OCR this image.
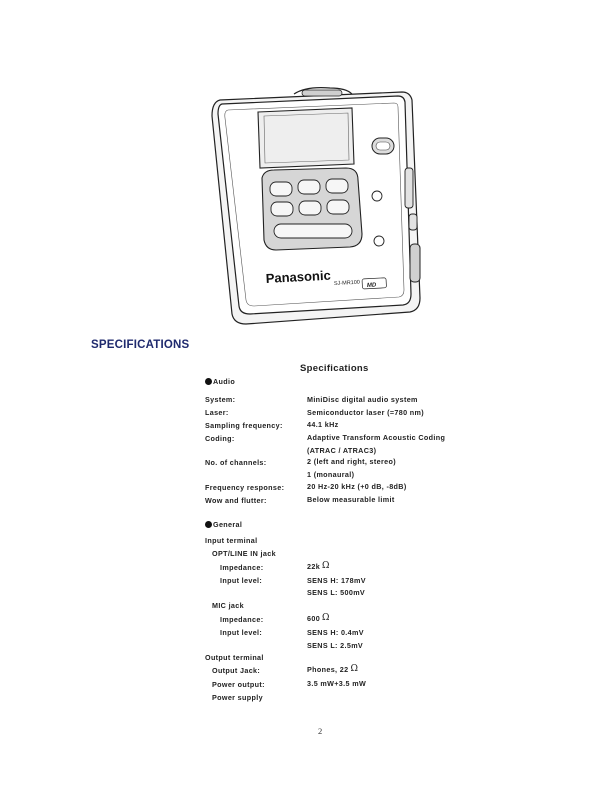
Panasonic SJ-MR100 MD
SPECIFICATIONS
Specifications
Audio
System:	MiniDisc digital audio system
Laser:	Semiconductor laser (=780 nm)
Sampling frequency:	44.1 kHz
Coding:	Adaptive Transform Acoustic Coding
(ATRAC / ATRAC3)
No. of channels:	2 (left and right, stereo)
1 (monaural)
Frequency response:	20 Hz-20 kHz (+0 dB, -8dB)
Wow and flutter:	Below measurable limit
General
Input terminal
OPT/LINE IN jack
Impedance:	22k Ω
Input level:	SENS H: 178mV
SENS L: 500mV
MIC jack
Impedance:	600 Ω
Input level:	SENS H: 0.4mV
SENS L: 2.5mV
Output terminal
Output Jack:	Phones, 22 Ω
Power output:	3.5 mW+3.5 mW
Power supply
2
